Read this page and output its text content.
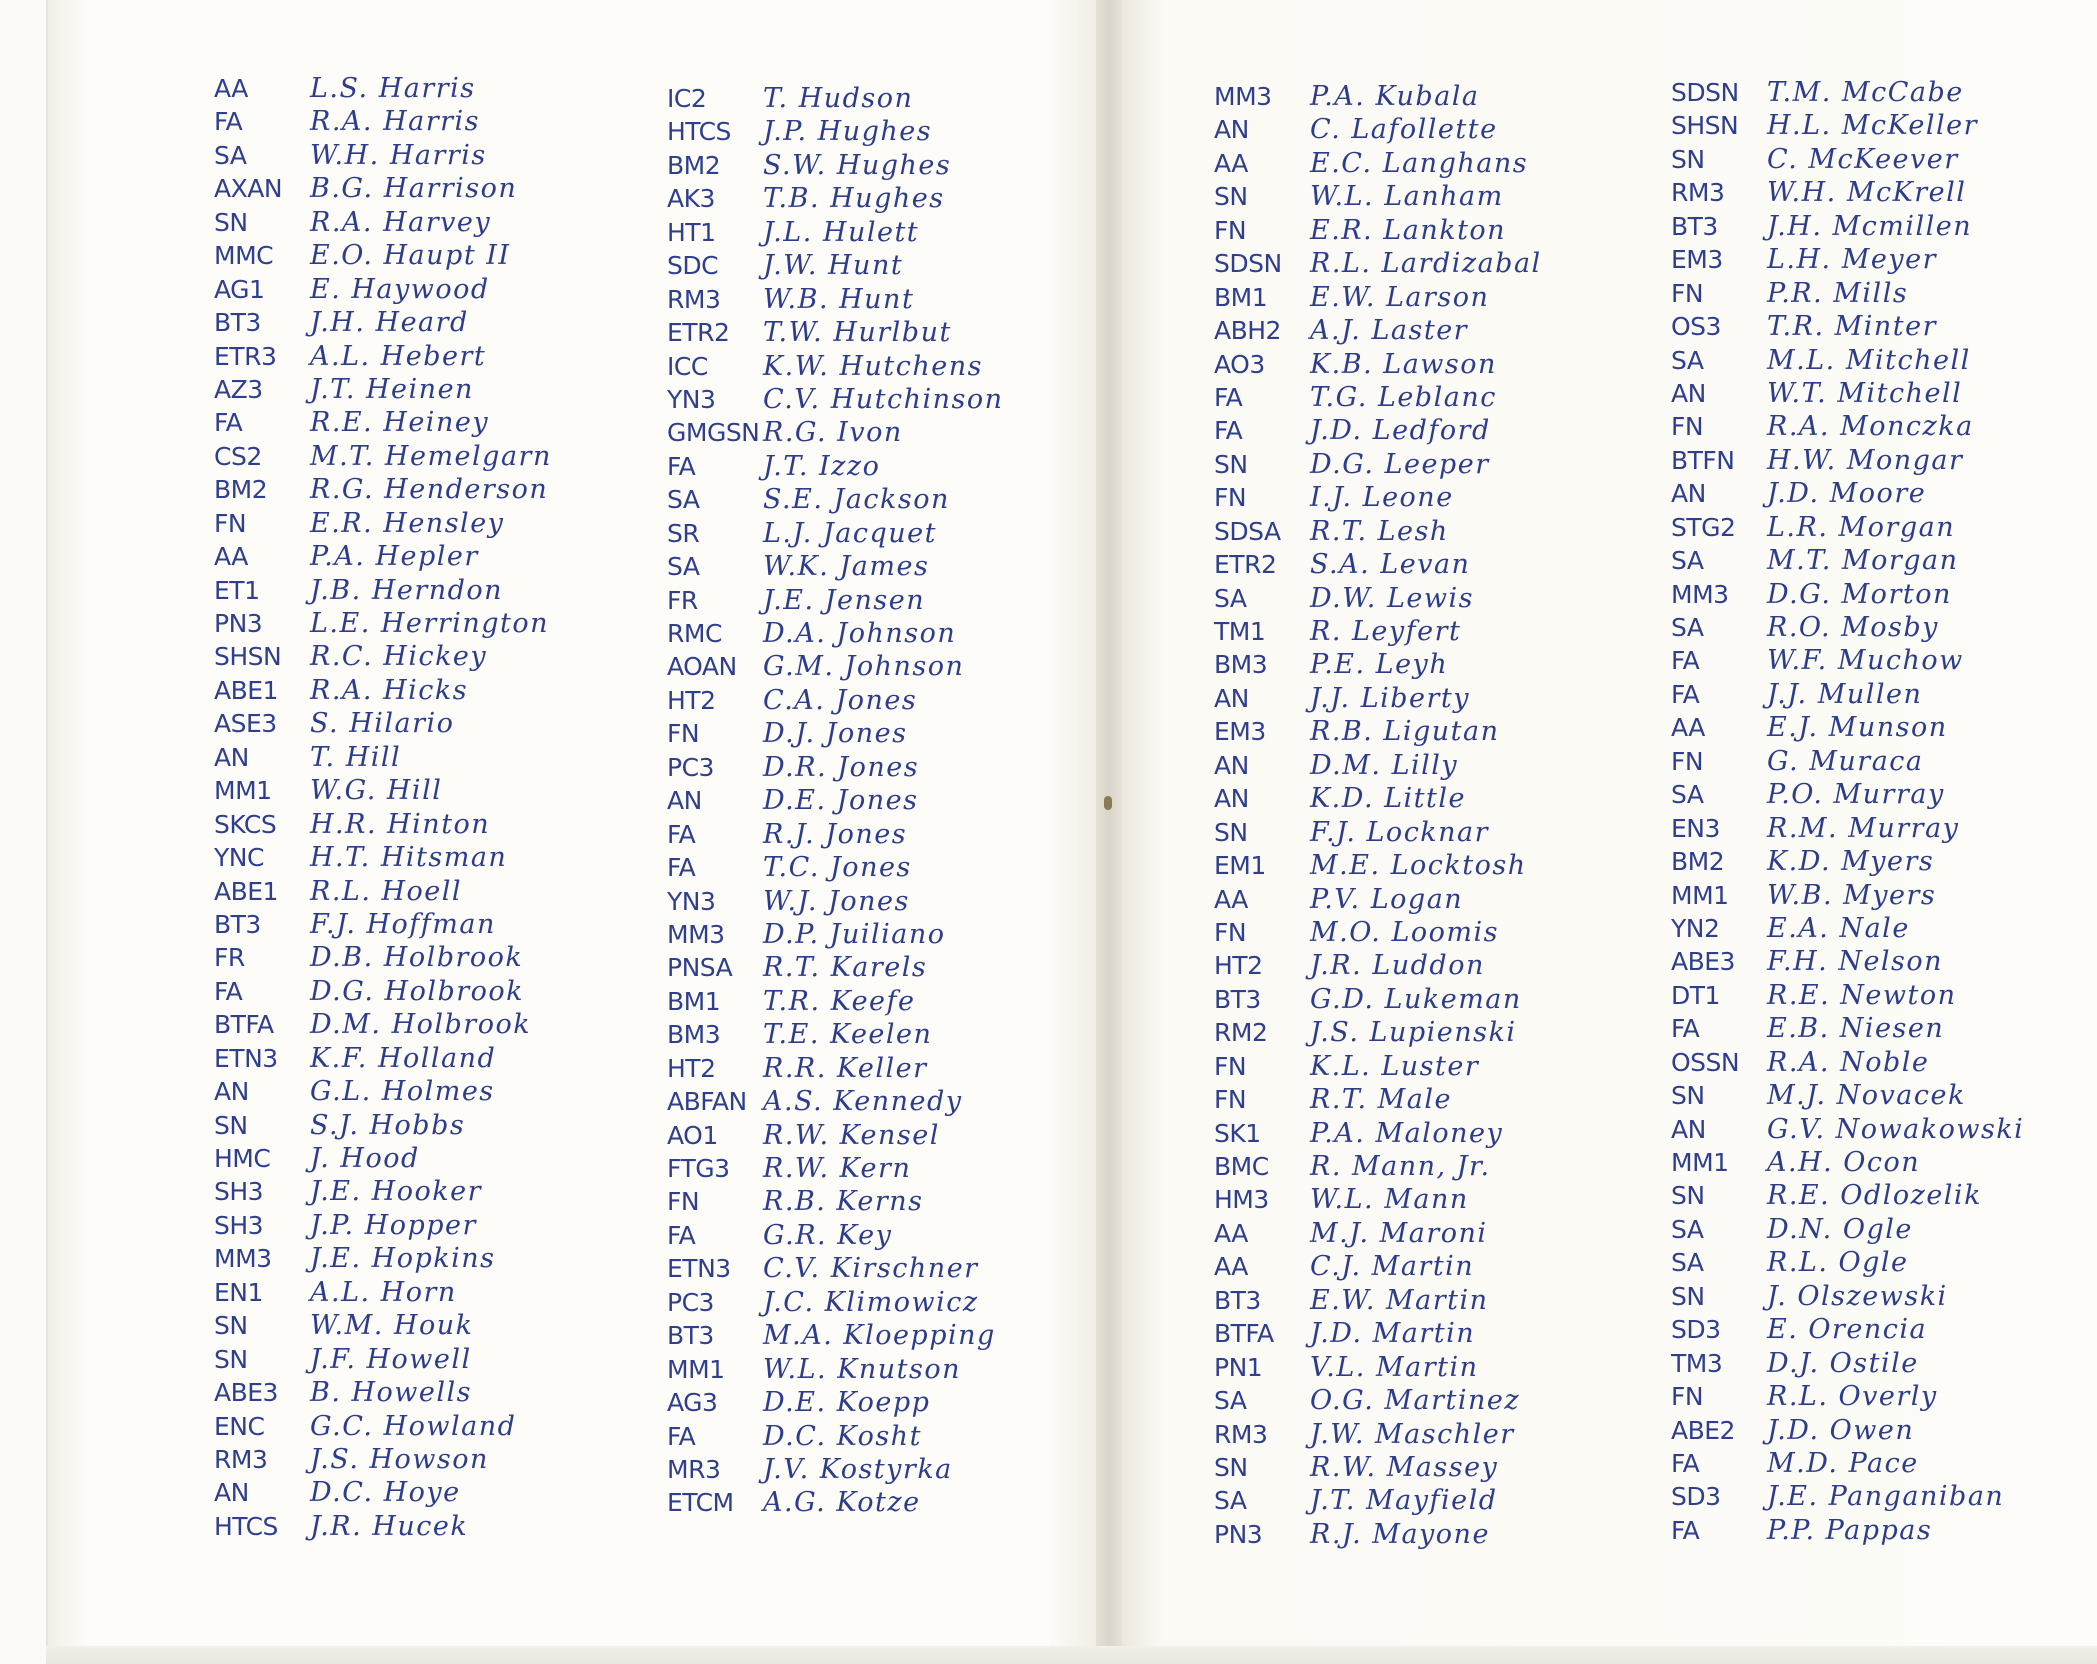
AA L.S. Harris
FA	R.A. Harris
SA W.H. Harris
AXAN B.G. Harrison
SN R.A. Harvey
MMC E.O. Haupt II
AG1 E. Haywood
BT3 J.H. Heard
ETR3 A.L. Hebert
AZ3 J.T. Heinen
FA	R.E. Heiney
CS2 M.T. Hemelgarn
BM2 R.G. Henderson
FN E.R. Hensley
AA P.A. Hepler
ET1 J.B. Herndon
PN3 L.E. Herrington
SHSN R.C. Hickey
ABE1 R.A. Hicks
ASE3 S. Hilario
AN T. Hill
MM1 W.G. Hill
SKCS H.R. Hinton
YNC H.T. Hitsman
ABE1 R.L. Hoell
BT3 F.J. Hoffman
FR D.B. Holbrook
FA	D.G. Holbrook
BTFA D.M. Holbrook
ETN3 K.F. Holland
AN G.L. Holmes
SN S.J. Hobbs
HMC J. Hood
SH3 J.E. Hooker
SH3 J.P. Hopper
MM3 J.E. Hopkins
EN1 A.L. Horn
SN W.M. Houk
SN J.F. Howell
ABE3 B. Howells
ENC G.C. Howland
RM3 J.S. Howson
AN D.C. Hoye
HTCS J.R. Hucek
IC2 T. Hudson
HTCS J.P. Hughes
BM2 S.W. Hughes
AK3 T.B. Hughes
HT1 J.L. Hulett
SDC J.W. Hunt
RM3 W.B. Hunt
ETR2 T.W. Hurlbut
ICC K.W. Hutchens
YN3 C.V. Hutchinson
GMGSN R.G. Ivon
FA	J.T. Izzo
SA S.E. Jackson
SR L.J. Jacquet
SA W.K. James
FR J.E. Jensen
RMC D.A. Johnson
AOAN G.M. Johnson
HT2 C.A. Jones
FN D.J. Jones
PC3 D.R. Jones
AN D.E. Jones
FA	R.J. Jones
FA	T.C. Jones
YN3 W.J. Jones
MM3 D.P. Juiliano
PNSA R.T. Karels
BM1 T.R. Keefe
BM3 T.E. Keelen
HT2 R.R. Keller
ABFAN A.S. Kennedy
AO1 R.W. Kensel
FTG3 R.W. Kern
FN R.B. Kerns
FA	G.R. Key
ETN3 C.V. Kirschner
PC3 J.C. Klimowicz
BT3 M.A. Kloepping
MM1 W.L. Knutson
AG3 D.E. Koepp
FA	D.C. Kosht
MR3 J.V. Kostyrka
ETCM A.G. Kotze
MM3 P.A. Kubala
AN C. Lafollette
AA E.C. Langhans
SN W.L. Lanham
FN E.R. Lankton
SDSN R.L. Lardizabal
BM1 E.W. Larson
ABH2 A.J. Laster
AO3 K.B. Lawson
FA	T.G. Leblanc
FA	J.D. Ledford
SN D.G. Leeper
FN I.J. Leone
SDSA R.T. Lesh
ETR2 S.A. Levan
SA D.W. Lewis
TM1 R. Leyfert
BM3 P.E. Leyh
AN J.J. Liberty
EM3 R.B. Ligutan
AN D.M. Lilly
AN K.D. Little
SN F.J. Locknar
EM1 M.E. Locktosh
AA P.V. Logan
FN M.O. Loomis
HT2 J.R. Luddon
BT3 G.D. Lukeman
RM2 J.S. Lupienski
FN K.L. Luster
FN R.T. Male
SK1 P.A. Maloney
BMC R. Mann, Jr.
HM3 W.L. Mann
AA M.J. Maroni
AA C.J. Martin
BT3 E.W. Martin
BTFA J.D. Martin
PN1 V.L. Martin
SA O.G. Martinez
RM3 J.W. Maschler
SN R.W. Massey
SA J.T. Mayfield
PN3 R.J. Mayone
SDSN T.M. McCabe
SHSN H.L. McKeller
SN C. McKeever
RM3 W.H. McKrell
BT3 J.H. Mcmillen
EM3 L.H. Meyer
FN P.R. Mills
OS3 T.R. Minter
SA M.L. Mitchell
AN W.T. Mitchell
FN R.A. Monczka
BTFN H.W. Mongar
AN J.D. Moore
STG2 L.R. Morgan
SA M.T. Morgan
MM3 D.G. Morton
SA R.O. Mosby
FA	W.F. Muchow
FA	J.J. Mullen
AA E.J. Munson
FN G. Muraca
SA P.O. Murray
EN3 R.M. Murray
BM2 K.D. Myers
MM1 W.B. Myers
YN2 E.A. Nale
ABE3 F.H. Nelson
DT1 R.E. Newton
FA	E.B. Niesen
OSSN R.A. Noble
SN M.J. Novacek
AN G.V. Nowakowski
MM1 A.H. Ocon
SN R.E. Odlozelik
SA D.N. Ogle
SA R.L. Ogle
SN J. Olszewski
SD3 E. Orencia
TM3 D.J. Ostile
FN R.L. Overly
ABE2 J.D. Owen
FA	M.D. Pace
SD3 J.E. Panganiban
FA	P.P. Pappas
